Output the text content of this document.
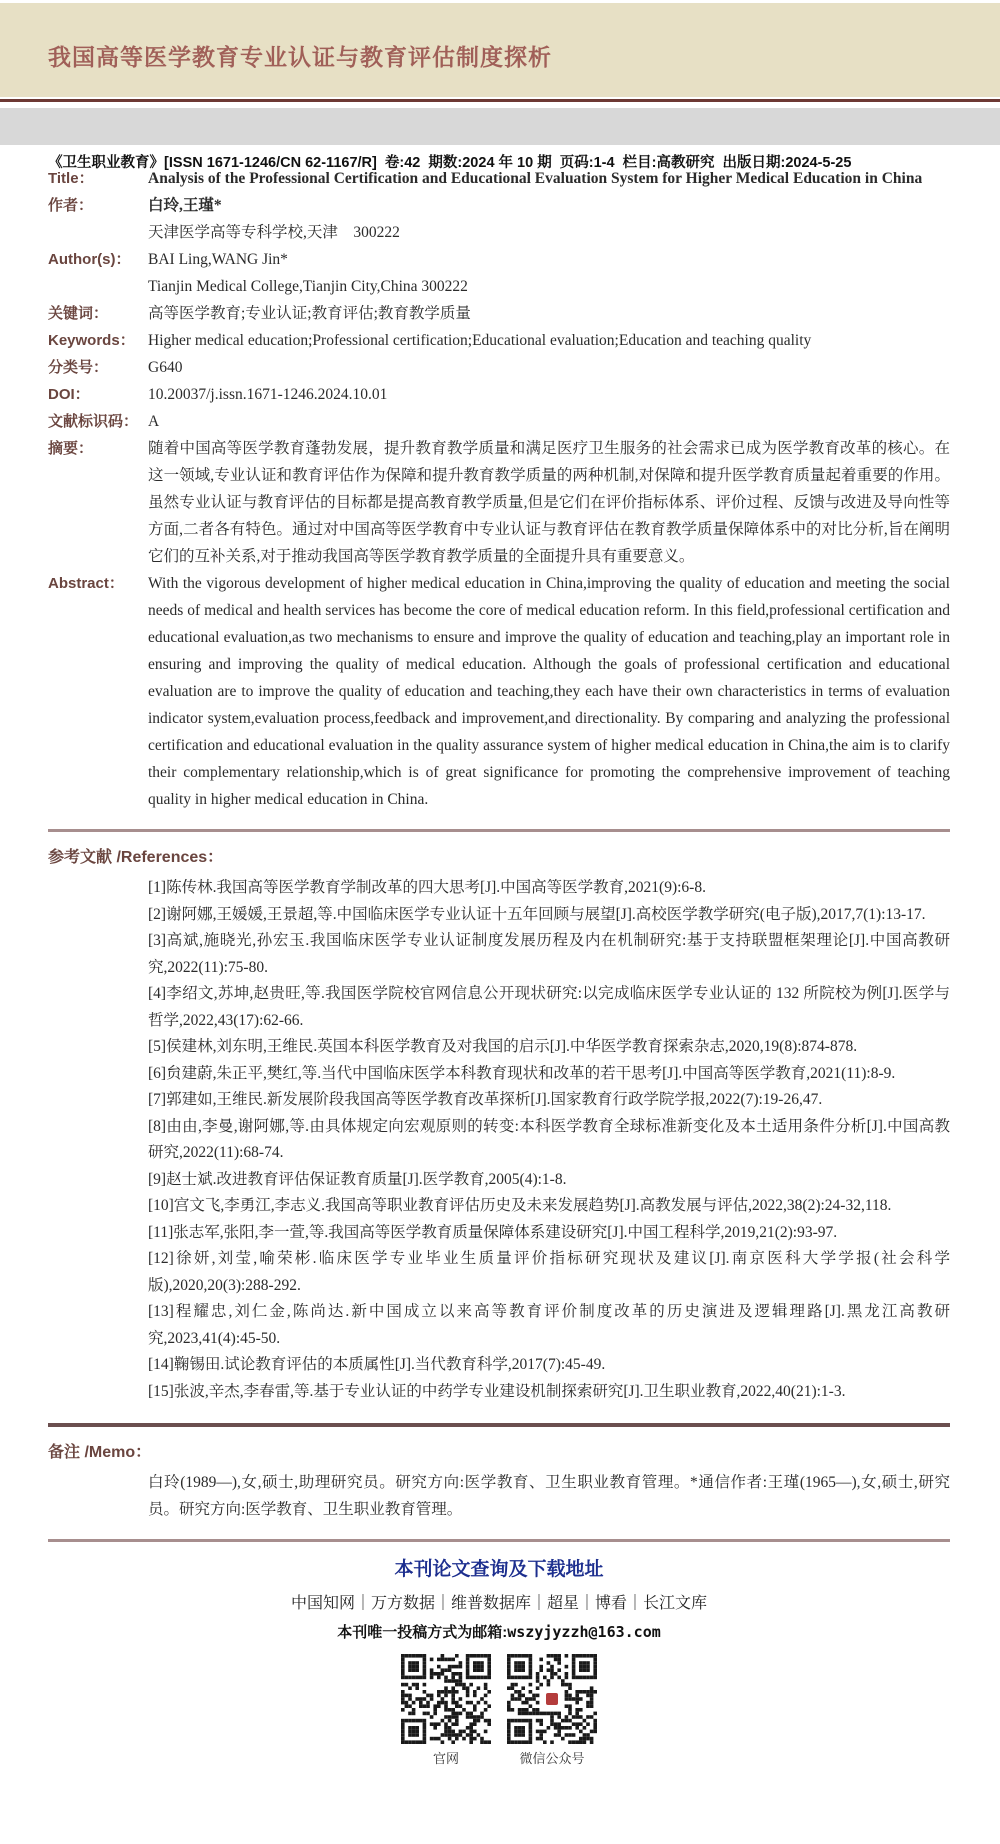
我国高等医学教育专业认证与教育评估制度探析

《卫生职业教育》[ISSN 1671-1246/CN 62-1167/R]  卷:42  期数:2024 年 10 期  页码:1-4  栏目:高教研究  出版日期:2024-5-25

Title：	Analysis of the Professional Certification and Educational Evaluation System for Higher Medical Education in China
作者：	白玲,王瑾*
天津医学高等专科学校,天津　300222
Author(s)：	BAI Ling,WANG Jin*
Tianjin Medical College,Tianjin City,China 300222
关键词：	高等医学教育;专业认证;教育评估;教育教学质量
Keywords： Higher medical education;Professional certification;Educational evaluation;Education and teaching quality
分类号：	G640
DOI：	10.20037/j.issn.1671-1246.2024.10.01
文献标识码： A
摘要：	随着中国高等医学教育蓬勃发展，提升教育教学质量和满足医疗卫生服务的社会需求已成为医学教育改革的核心。在这一领域,专业认证和教育评估作为保障和提升教育教学质量的两种机制,对保障和提升医学教育质量起着重要的作用。虽然专业认证与教育评估的目标都是提高教育教学质量,但是它们在评价指标体系、评价过程、反馈与改进及导向性等方面,二者各有特色。通过对中国高等医学教育中专业认证与教育评估在教育教学质量保障体系中的对比分析,旨在阐明它们的互补关系,对于推动我国高等医学教育教学质量的全面提升具有重要意义。
Abstract：	With the vigorous development of higher medical education in China,improving the quality of education and meeting the social needs of medical and health services has become the core of medical education reform. In this field,professional certification and educational evaluation,as two mechanisms to ensure and improve the quality of education and teaching,play an important role in ensuring and improving the quality of medical education. Although the goals of professional certification and educational evaluation are to improve the quality of education and teaching,they each have their own characteristics in terms of evaluation indicator system,evaluation process,feedback and improvement,and directionality. By comparing and analyzing the professional certification and educational evaluation in the quality assurance system of higher medical education in China,the aim is to clarify their complementary relationship,which is of great significance for promoting the comprehensive improvement of teaching quality in higher medical education in China.
参考文献 /References：

[1]陈传林.我国高等医学教育学制改革的四大思考[J].中国高等医学教育,2021(9):6-8.

[2]谢阿娜,王媛媛,王景超,等.中国临床医学专业认证十五年回顾与展望[J].高校医学教学研究(电子版),2017,7(1):13-17.

[3]高斌,施晓光,孙宏玉.我国临床医学专业认证制度发展历程及内在机制研究:基于支持联盟框架理论[J].中国高教研究,2022(11):75-80.

[4]李绍文,苏坤,赵贵旺,等.我国医学院校官网信息公开现状研究:以完成临床医学专业认证的 132 所院校为例[J].医学与哲学,2022,43(17):62-66.

[5]侯建林,刘东明,王维民.英国本科医学教育及对我国的启示[J].中华医学教育探索杂志,2020,19(8):874-878.

[6]贠建蔚,朱正平,樊红,等.当代中国临床医学本科教育现状和改革的若干思考[J].中国高等医学教育,2021(11):8-9.

[7]郭建如,王维民.新发展阶段我国高等医学教育改革探析[J].国家教育行政学院学报,2022(7):19-26,47.

[8]由由,李曼,谢阿娜,等.由具体规定向宏观原则的转变:本科医学教育全球标准新变化及本土适用条件分析[J].中国高教研究,2022(11):68-74.

[9]赵士斌.改进教育评估保证教育质量[J].医学教育,2005(4):1-8.

[10]宫文飞,李勇江,李志义.我国高等职业教育评估历史及未来发展趋势[J].高教发展与评估,2022,38(2):24-32,118.

[11]张志军,张阳,李一萱,等.我国高等医学教育质量保障体系建设研究[J].中国工程科学,2019,21(2):93-97.

[12]徐妍,刘莹,喻荣彬.临床医学专业毕业生质量评价指标研究现状及建议[J].南京医科大学学报(社会科学版),2020,20(3):288-292.

[13]程耀忠,刘仁金,陈尚达.新中国成立以来高等教育评价制度改革的历史演进及逻辑理路[J].黑龙江高教研究,2023,41(4):45-50.

[14]鞠锡田.试论教育评估的本质属性[J].当代教育科学,2017(7):45-49.

[15]张波,辛杰,李春雷,等.基于专业认证的中药学专业建设机制探索研究[J].卫生职业教育,2022,40(21):1-3.

备注 /Memo：

白玲(1989—),女,硕士,助理研究员。研究方向:医学教育、卫生职业教育管理。*通信作者:王瑾(1965—),女,硕士,研究员。研究方向:医学教育、卫生职业教育管理。

本刊论文查询及下载地址
中国知网｜万方数据｜维普数据库｜超星｜博看｜长江文库
本刊唯一投稿方式为邮箱:wszyjyzzh@163.com
官网	微信公众号
